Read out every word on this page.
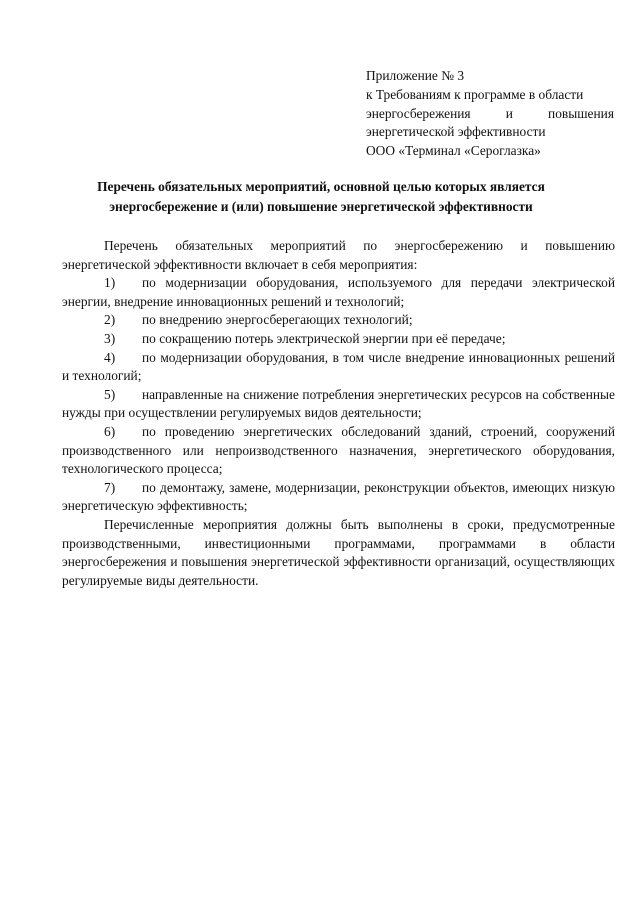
Приложение № 3
к Требованиям к программе в области
энергосбережения и повышения
энергетической эффективности
ООО «Терминал «Сероглазка»
Перечень обязательных мероприятий, основной целью которых является
энергосбережение и (или) повышение энергетической эффективности

Перечень обязательных мероприятий по энергосбережению и повышению энергетической эффективности включает в себя мероприятия:

1) по модернизации оборудования, используемого для передачи электрической энергии, внедрение инновационных решений и технологий;

2) по внедрению энергосберегающих технологий;

3) по сокращению потерь электрической энергии при её передаче;

4) по модернизации оборудования, в том числе внедрение инновационных решений и технологий;

5) направленные на снижение потребления энергетических ресурсов на собственные нужды при осуществлении регулируемых видов деятельности;

6) по проведению энергетических обследований зданий, строений, сооружений производственного или непроизводственного назначения, энергетического оборудования, технологического процесса;

7) по демонтажу, замене, модернизации, реконструкции объектов, имеющих низкую энергетическую эффективность;

Перечисленные мероприятия должны быть выполнены в сроки, предусмотренные производственными, инвестиционными программами, программами в области энергосбережения и повышения энергетической эффективности организаций, осуществляющих регулируемые виды деятельности.
